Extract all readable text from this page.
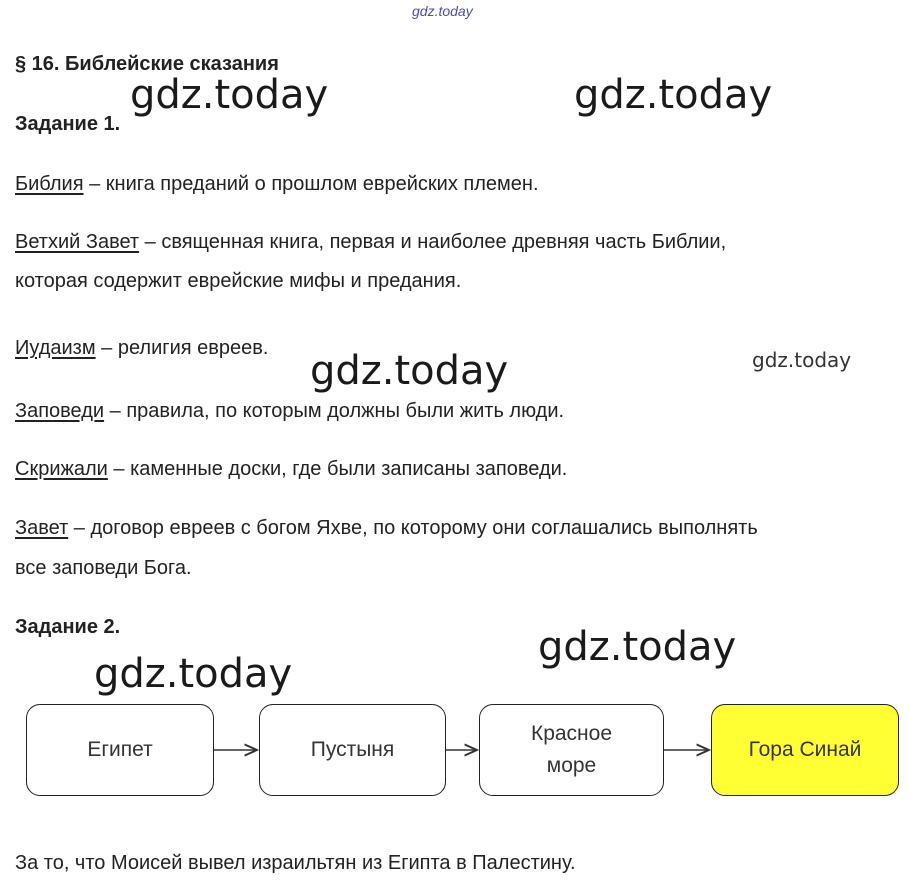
gdz.today
gdz.today	gdz.today
gdz.today	gdz.today
gdz.today
gdz.today
§ 16. Библейские сказания
Задание 1.
Библия – книга преданий о прошлом еврейских племен.
Ветхий Завет – священная книга, первая и наиболее древняя часть Библии,
которая содержит еврейские мифы и предания.
Иудаизм – религия евреев.
Заповеди – правила, по которым должны были жить люди.
Скрижали – каменные доски, где были записаны заповеди.
Завет – договор евреев с богом Яхве, по которому они соглашались выполнять
все заповеди Бога.
Задание 2.
Египет	Пустыня
Красное
море
Гора Синай
За то, что Моисей вывел израильтян из Египта в Палестину.
